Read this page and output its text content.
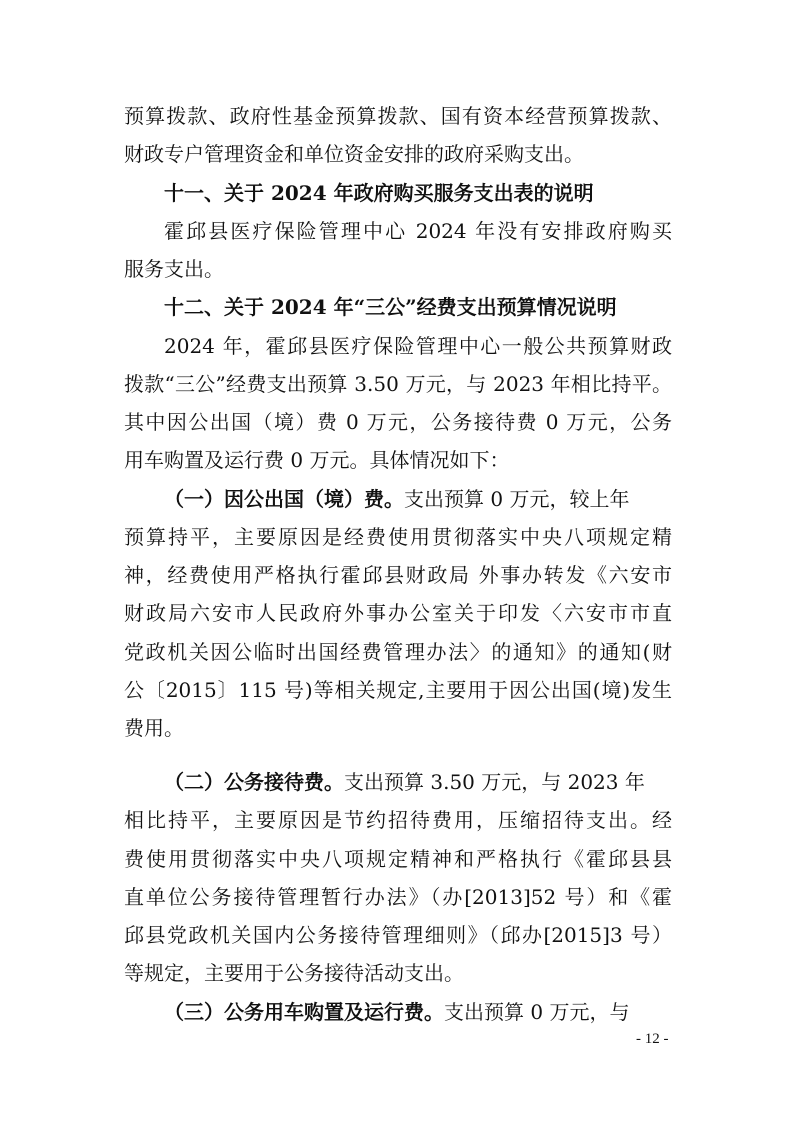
预算拨款、政府性基金预算拨款、国有资本经营预算拨款、
财政专户管理资金和单位资金安排的政府采购支出。
十一、关于 2024 年政府购买服务支出表的说明
霍邱县医疗保险管理中心 2024 年没有安排政府购买
服务支出。
十二、关于 2024 年“三公”经费支出预算情况说明
2024 年，霍邱县医疗保险管理中心一般公共预算财政
拨款“三公”经费支出预算 3.50 万元，与 2023 年相比持平。
其中因公出国（境）费 0 万元，公务接待费 0 万元，公务
用车购置及运行费 0 万元。具体情况如下：
（一）因公出国（境）费。支出预算 0 万元，较上年
预算持平，主要原因是经费使用贯彻落实中央八项规定精
神，经费使用严格执行霍邱县财政局 外事办转发《六安市
财政局六安市人民政府外事办公室关于印发〈六安市市直
党政机关因公临时出国经费管理办法〉的通知》的通知(财
公〔2015〕115 号)等相关规定,主要用于因公出国(境)发生
费用。
（二）公务接待费。支出预算 3.50 万元，与 2023 年
相比持平，主要原因是节约招待费用，压缩招待支出。经
费使用贯彻落实中央八项规定精神和严格执行《霍邱县县
直单位公务接待管理暂行办法》（办[2013]52 号）和《霍
邱县党政机关国内公务接待管理细则》（邱办[2015]3 号）
等规定，主要用于公务接待活动支出。
（三）公务用车购置及运行费。支出预算 0 万元，与
- 12 -
